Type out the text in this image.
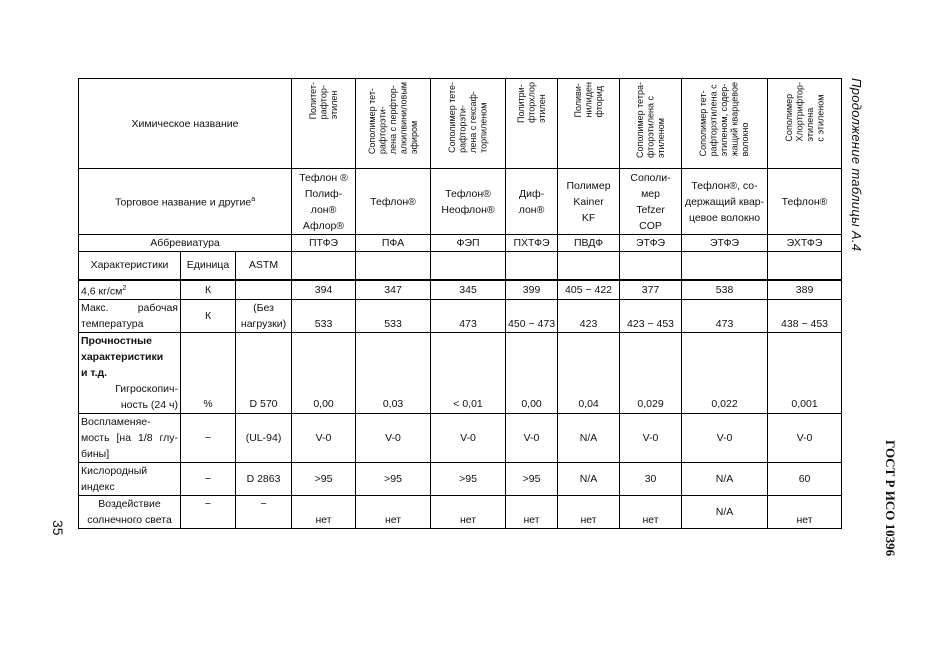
Химическое название			Политет-
рафтор-
этилен	Сополимер тет-
рафторэти-
лена с перфтор-
алкилвиниловым
эфиром	Сополимер тете-
рафторэти-
лена с гексаф-
торпиленом	Политри-
фторхлор
этилен	Поливи-
нилиден
фторид	Сополимер тетра-
фторэтилена с
этиленом	Сополимер тет-
рафторэтилена с
этиленом, содер-
жащий кварцевое
волокно	Сополимер
Хлортрифтор-
этилена
с этиленом

Торговое название и другие$^а$			Тефлон ®
Полиф-
лон®
Афлор®	Тефлон®	Тефлон®
Неофлон®	Диф-
лон®	Полимер
Kainer
KF	Сополи-
мер
Tefzer
COP	Тефлон®, со-
держащий квар-
цевое волокно	Тефлон®
Аббревиатура			ПТФЭ	ПФА	ФЭП	ПХТФЭ	ПВДФ	ЭТФЭ	ЭТФЭ	ЭХТФЭ
Характеристики	Единица	ASTM								
4,6 $кг/см^2$	К		394	347	345	399	405 − 422	377	538	389
Макс. рабочая
температура	К	(Без
нагрузки)	533	533	473	450 − 473	423	423 − 453	473	438 − 453

Прочностные
характеристики
и т.д.
Гигроскопич-
ность (24 ч)	%	D 570	0,00	0,03	< 0,01	0,00	0,04	0,029	0,022	0,001
Воспламеняе-
мость [на 1/8 глу-
бины]	−	(UL-94)	V-0	V-0	V-0	V-0	N/A	V-0	V-0	V-0
Кислородный
индекс	−	D 2863	>95	>95	>95	>95	N/A	30	N/A	60
Воздействие
солнечного света	−	−	нет	нет	нет	нет	нет	нет	N/A	нет
Продолжение таблицы А.4
ГОСТ Р ИСО 10396
35
